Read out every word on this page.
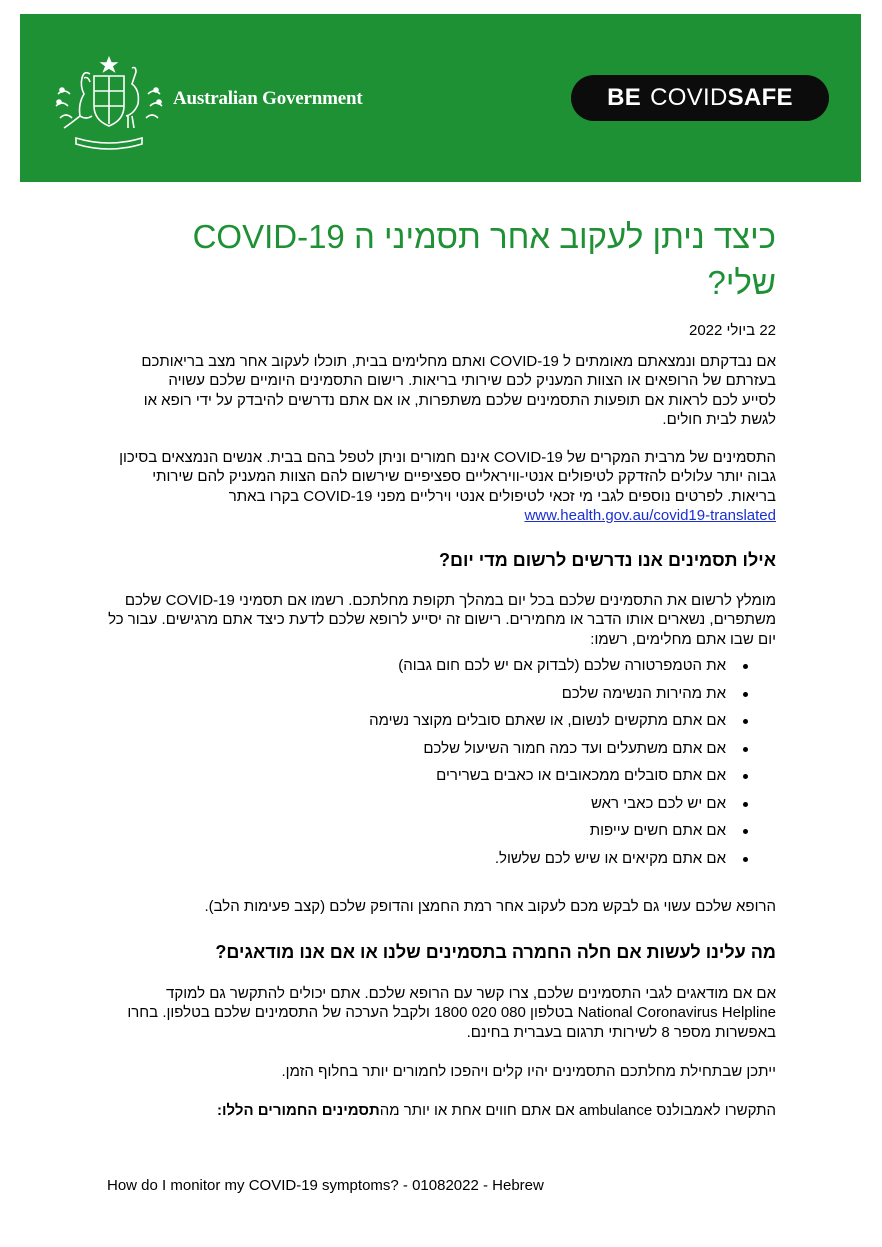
Australian Government	BE COVID SAFE
כיצד ניתן לעקוב אחר תסמיני ה COVID-19 שלי?
22 ביולי 2022

אם נבדקתם ונמצאתם מאומתים ל COVID-19 ואתם מחלימים בבית, תוכלו לעקוב אחר מצב בריאותכם בעזרתם של הרופאים או הצוות המעניק לכם שירותי בריאות. רישום התסמינים היומיים שלכם עשויה לסייע לכם לראות אם תופעות התסמינים שלכם משתפרות, או אם אתם נדרשים להיבדק על ידי רופא או לגשת לבית חולים.

התסמינים של מרבית המקרים של COVID-19 אינם חמורים וניתן לטפל בהם בבית. אנשים הנמצאים בסיכון גבוה יותר עלולים להזדקק לטיפולים אנטי-וויראליים ספציפיים שירשום להם הצוות המעניק להם שירותי בריאות. לפרטים נוספים לגבי מי זכאי לטיפולים אנטי וירליים מפני COVID-19 בקרו באתר
www.health.gov.au/covid19-translated

אילו תסמינים אנו נדרשים לרשום מדי יום?

מומלץ לרשום את התסמינים שלכם בכל יום במהלך תקופת מחלתכם. רשמו אם תסמיני COVID-19 שלכם משתפרים, נשארים אותו הדבר או מחמירים. רישום זה יסייע לרופא שלכם לדעת כיצד אתם מרגישים. עבור כל יום שבו אתם מחלימים, רשמו:

את הטמפרטורה שלכם (לבדוק אם יש לכם חום גבוה)
את מהירות הנשימה שלכם
אם אתם מתקשים לנשום, או שאתם סובלים מקוצר נשימה
אם אתם משתעלים ועד כמה חמור השיעול שלכם
אם אתם סובלים ממכאובים או כאבים בשרירים
אם יש לכם כאבי ראש
אם אתם חשים עייפות
אם אתם מקיאים או שיש לכם שלשול.

הרופא שלכם עשוי גם לבקש מכם לעקוב אחר רמת החמצן והדופק שלכם (קצב פעימות הלב).

מה עלינו לעשות אם חלה החמרה בתסמינים שלנו או אם אנו מודאגים?

אם אם מודאגים לגבי התסמינים שלכם, צרו קשר עם הרופא שלכם. אתם יכולים להתקשר גם למוקד National Coronavirus Helpline בטלפון 080 020 1800 ולקבל הערכה של התסמינים שלכם בטלפון. בחרו באפשרות מספר 8 לשירותי תרגום בעברית בחינם.

ייתכן שבתחילת מחלתכם התסמינים יהיו קלים ויהפכו לחמורים יותר בחלוף הזמן.

התקשרו לאמבולנס ambulance אם אתם חווים אחת או יותר מהתסמינים החמורים הללו:

How do I monitor my COVID-19 symptoms? - 01082022 - Hebrew
